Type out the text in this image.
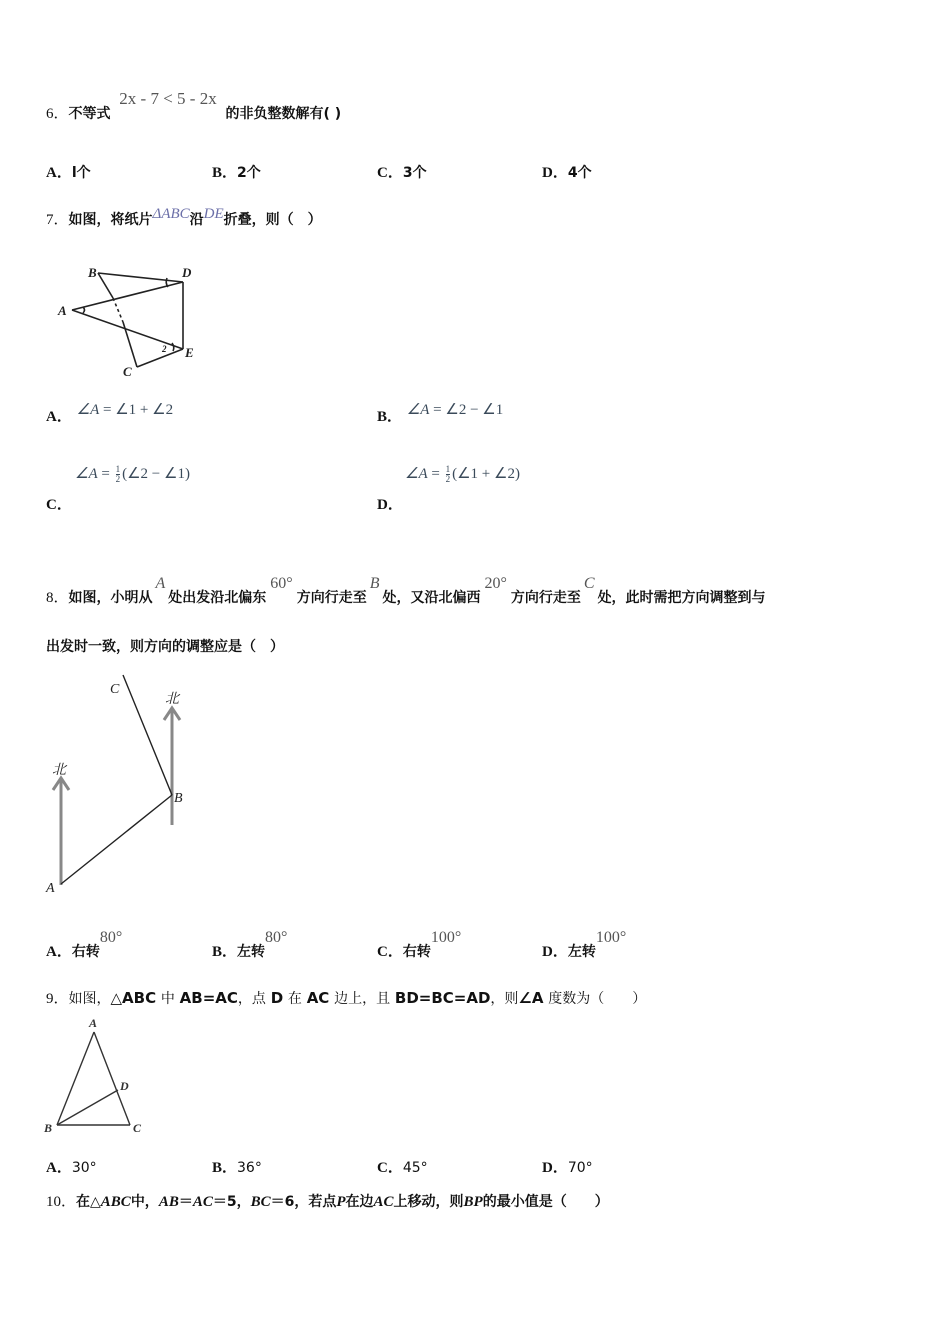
6．不等式 2x - 7 < 5 - 2x 的非负整数解有( )
A．l个	B．2个	C．3个	D．4个
7．如图，将纸片ΔABC沿DE折叠，则（　）
B	D
A
E
C
2
A． ∠A = ∠1 + ∠2	B． ∠A = ∠2 − ∠1
∠A = $\frac{1}{2}$ (∠2 − ∠1)
C．
∠A = $\frac{1}{2}$ (∠1 + ∠2)
D．
8．如图，小明从A处出发沿北偏东60°方向行走至B处，又沿北偏西20°方向行走至C处，此时需把方向调整到与
出发时一致，则方向的调整应是（　）
北
北
A
B
C
A．右转80°
B．左转80°
C．右转100°
D．左转100°
9．如图，△ABC 中 AB=AC，点 D 在 AC 边上，且 BD=BC=AD，则∠A 度数为（　　）
A
D
B	C
A．30°	B．36°	C．45°	D．70°
10．在△ABC中，AB＝AC＝5，BC＝6，若点P在边AC上移动，则BP的最小值是（　　）
